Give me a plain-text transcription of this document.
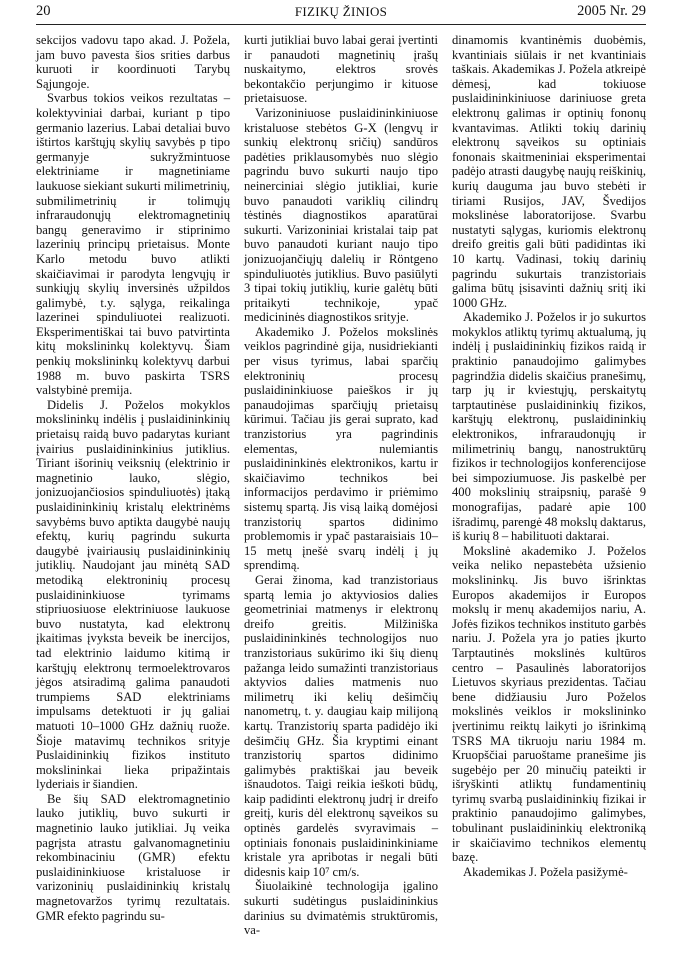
20	FIZIKŲ ŽINIOS	2005 Nr. 29

sekcijos vadovu tapo akad. J. Požela, jam buvo pavesta šios srities darbus kuruoti ir koordinuoti Tarybų Sąjungoje.

Svarbus tokios veikos rezultatas – kolektyviniai darbai, kuriant p tipo germanio lazerius. Labai detaliai buvo ištirtos karštųjų skylių savybės p tipo germanyje sukryžmintuose elektriniame ir magnetiniame laukuose siekiant sukurti milimetrinių, submilimetrinių ir tolimųjų infraraudonųjų elektromagnetinių bangų generavimo ir stiprinimo lazerinių principų prietaisus. Monte Karlo metodu buvo atlikti skaičiavimai ir parodyta lengvųjų ir sunkiųjų skylių inversinės užpildos galimybė, t.y. sąlyga, reikalinga lazerinei spinduliuotei realizuoti. Eksperimentiškai tai buvo patvirtinta kitų mokslininkų kolektyvų. Šiam penkių mokslininkų kolektyvų darbui 1988 m. buvo paskirta TSRS valstybinė premija.

Didelis J. Poželos mokyklos mokslininkų indėlis į puslaidininkinių prietaisų raidą buvo padarytas kuriant įvairius puslaidininkinius jutiklius. Tiriant išorinių veiksnių (elektrinio ir magnetinio lauko, slėgio, jonizuojančiosios spinduliuotės) įtaką puslaidininkinių kristalų elektrinėms savybėms buvo aptikta daugybė naujų efektų, kurių pagrindu sukurta daugybė įvairiausių puslaidininkinių jutiklių. Naudojant jau minėtą SAD metodiką elektroninių procesų puslaidininkiuose tyrimams stipriuosiuose elektriniuose laukuose buvo nustatyta, kad elektronų įkaitimas įvyksta beveik be inercijos, tad elektrinio laidumo kitimą ir karštųjų elektronų termoelektrovaros jėgos atsiradimą galima panaudoti trumpiems SAD elektriniams impulsams detektuoti ir jų galiai matuoti 10–1000 GHz dažnių ruože. Šioje matavimų technikos srityje Puslaidininkių fizikos instituto mokslininkai lieka pripažintais lyderiais ir šiandien.

Be šių SAD elektromagnetinio lauko jutiklių, buvo sukurti ir magnetinio lauko jutikliai. Jų veika pagrįsta atrastu galvanomagnetiniu rekombinaciniu (GMR) efektu puslaidininkiuose kristaluose ir varizoninių puslaidininkių kristalų magnetovaržos tyrimų rezultatais. GMR efekto pagrindu su-

kurti jutikliai buvo labai gerai įvertinti ir panaudoti magnetinių įrašų nuskaitymo, elektros srovės bekontakčio perjungimo ir kituose prietaisuose.

Varizoniniuose puslaidininkiniuose kristaluose stebėtos G-X (lengvų ir sunkių elektronų sričių) sandūros padėties priklausomybės nuo slėgio pagrindu buvo sukurti naujo tipo neinerciniai slėgio jutikliai, kurie buvo panaudoti variklių cilindrų tėstinės diagnostikos aparatūrai sukurti. Varizoniniai kristalai taip pat buvo panaudoti kuriant naujo tipo jonizuojančiųjų dalelių ir Röntgeno spinduliuotės jutiklius. Buvo pasiūlyti 3 tipai tokių jutiklių, kurie galėtų būti pritaikyti technikoje, ypač medicininės diagnostikos srityje.

Akademiko J. Poželos mokslinės veiklos pagrindinė gija, nusidriekianti per visus tyrimus, labai sparčių elektroninių procesų puslaidininkiuose paieškos ir jų panaudojimas sparčiųjų prietaisų kūrimui. Tačiau jis gerai suprato, kad tranzistorius yra pagrindinis elementas, nulemiantis puslaidininkinės elektronikos, kartu ir skaičiavimo technikos bei informacijos perdavimo ir priėmimo sistemų spartą. Jis visą laiką domėjosi tranzistorių spartos didinimo problemomis ir ypač pastaraisiais 10–15 metų įnešė svarų indėlį į jų sprendimą.

Gerai žinoma, kad tranzistoriaus spartą lemia jo aktyviosios dalies geometriniai matmenys ir elektronų dreifo greitis. Milžiniška puslaidininkinės technologijos nuo tranzistoriaus sukūrimo iki šių dienų pažanga leido sumažinti tranzistoriaus aktyvios dalies matmenis nuo milimetrų iki kelių dešimčių nanometrų, t. y. daugiau kaip milijoną kartų. Tranzistorių sparta padidėjo iki dešimčių GHz. Šia kryptimi einant tranzistorių spartos didinimo galimybės praktiškai jau beveik išnaudotos. Taigi reikia ieškoti būdų, kaip padidinti elektronų judrį ir dreifo greitį, kuris dėl elektronų sąveikos su optinės gardelės svyravimais – optiniais fononais puslaidininkiniame kristale yra apribotas ir negali būti didesnis kaip 10⁷ cm/s.

Šiuolaikinė technologija įgalino sukurti sudėtingus puslaidininkius darinius su dvimatėmis struktūromis, va-

dinamomis kvantinėmis duobėmis, kvantiniais siūlais ir net kvantiniais taškais. Akademikas J. Požela atkreipė dėmesį, kad tokiuose puslaidininkiniuose dariniuose greta elektronų galimas ir optinių fononų kvantavimas. Atlikti tokių darinių elektronų sąveikos su optiniais fononais skaitmeniniai eksperimentai padėjo atrasti daugybę naujų reiškinių, kurių dauguma jau buvo stebėti ir tiriami Rusijos, JAV, Švedijos mokslinėse laboratorijose. Svarbu nustatyti sąlygas, kuriomis elektronų dreifo greitis gali būti padidintas iki 10 kartų. Vadinasi, tokių darinių pagrindu sukurtais tranzistoriais galima būtų įsisavinti dažnių sritį iki 1000 GHz.

Akademiko J. Poželos ir jo sukurtos mokyklos atliktų tyrimų aktualumą, jų indėlį į puslaidininkių fizikos raidą ir praktinio panaudojimo galimybes pagrindžia didelis skaičius pranešimų, tarp jų ir kviestųjų, perskaitytų tarptautinėse puslaidininkių fizikos, karštųjų elektronų, puslaidininkių elektronikos, infraraudonųjų ir milimetrinių bangų, nanostruktūrų fizikos ir technologijos konferencijose bei simpoziumuose. Jis paskelbė per 400 mokslinių straipsnių, parašė 9 monografijas, padarė apie 100 išradimų, parengė 48 mokslų daktarus, iš kurių 8 – habilituoti daktarai.

Mokslinė akademiko J. Poželos veika neliko nepastebėta užsienio mokslininkų. Jis buvo išrinktas Europos akademijos ir Europos mokslų ir menų akademijos nariu, A. Jofės fizikos technikos instituto garbės nariu. J. Požela yra jo paties įkurto Tarptautinės mokslinės kultūros centro – Pasaulinės laboratorijos Lietuvos skyriaus prezidentas. Tačiau bene didžiausiu Juro Poželos mokslinės veiklos ir mokslininko įvertinimu reiktų laikyti jo išrinkimą TSRS MA tikruoju nariu 1984 m. Kruopščiai paruoštame pranešime jis sugebėjo per 20 minučių pateikti ir išryškinti atliktų fundamentinių tyrimų svarbą puslaidininkių fizikai ir praktinio panaudojimo galimybes, tobulinant puslaidininkių elektroniką ir skaičiavimo technikos elementų bazę.

Akademikas J. Požela pasižymė-
